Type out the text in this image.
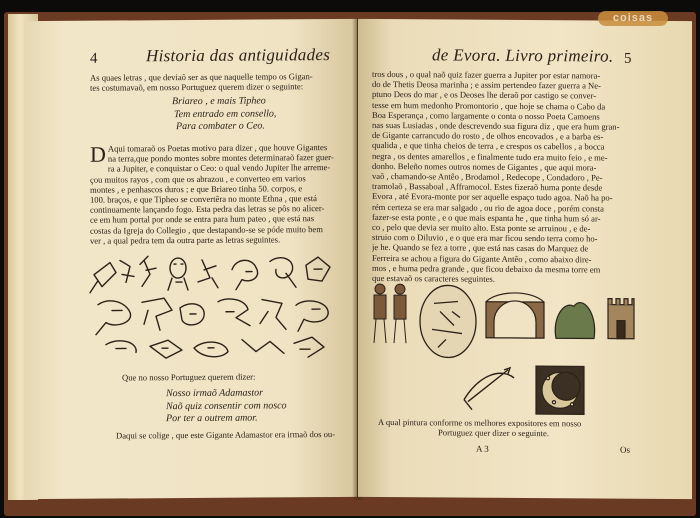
4	Historia das antiguidades
As quaes letras , que deviaõ ser as que naquelle tempo os Gigan-
tes costumavaõ, em nosso Portuguez querem dizer o seguinte:
Briareo , e mais Tipheo
Tem entrado em consello,
Para combater o Ceo.
D Aqui tomaraõ os Poetas motivo para dizer , que houve Gigantes
na terra,que pondo montes sobre montes determinaraõ fazer guer-
ra a Jupiter, e conquistar o Ceo: o qual vendo Jupiter lhe arreme-
çou muitos rayos , com que os abrazou , e converteo em varios
montes , e penhascos duros ; e que Briareo tinha 50. corpos, e
100. braços, e que Tipheo se convertêra no monte Ethna , que está
continuamente lançando fogo. Esta pedra das letras se pôs no alicer-
ce em hum portal por onde se entra para hum pateo , que está nas
costas da Igreja do Collegio , que destapando-se se póde muito bem
ver , a qual pedra tem da outra parte as letras seguintes.
Que no nosso Portuguez querem dizer:
Nosso irmaõ Adamastor
Naõ quiz consentir com nosco
Por ter a outrem amor.
Daqui se colige , que este Gigante Adamastor era irmaõ dos ou-
de Evora. Livro primeiro. 5
tros dous , o qual naõ quiz fazer guerra a Jupiter por estar namora-
do de Thetis Deosa marinha ; e assim pertendeo fazer guerra a Ne-
ptuno Deos do mar , e os Deoses lhe deraõ por castigo se conver-
tesse em hum medonho Promontorio , que hoje se chama o Cabo da
Boa Esperança , como largamente o conta o nosso Poeta Camoens
nas suas Lusiadas , onde descrevendo sua figura diz , que era hum gran-
de Gigante carrancudo do rosto , de olhos encovados , e a barba es-
qualida , e que tinha cheios de terra , e crespos os cabellos , a bocca
negra , os dentes amarellos , e finalmente tudo era muito feio , e me-
donho. Beleño nomes outros nomes de Gigantes , que aqui mora-
vaõ , chamando-se Antêo , Brodamol , Redecope , Condadoro , Pe-
tramolaõ , Bassaboal , Afframocol. Estes fizeraõ huma ponte desde
Evora , até Evora-monte por ser aquelle espaço tudo agoa. Naõ ha po-
rém certeza se era mar salgado , ou rio de agoa doce , porém consta
fazer-se esta ponte , e o que mais espanta he , que tinha hum só ar-
co , pelo que devia ser muito alto. Esta ponte se arruinou , e de-
struio com o Diluvio , e o que era mar ficou sendo terra como ho-
je he. Quando se fez a torre , que está nas casas do Marquez de
Ferreira se achou a figura do Gigante Antêo , como abaixo dire-
mos , e huma pedra grande , que ficou debaixo da mesma torre em
que estavaõ os caracteres seguintes.
A qual pintura conforme os melhores expositores em nosso
Portuguez quer dizer o seguinte.
A 3	Os
coisas
